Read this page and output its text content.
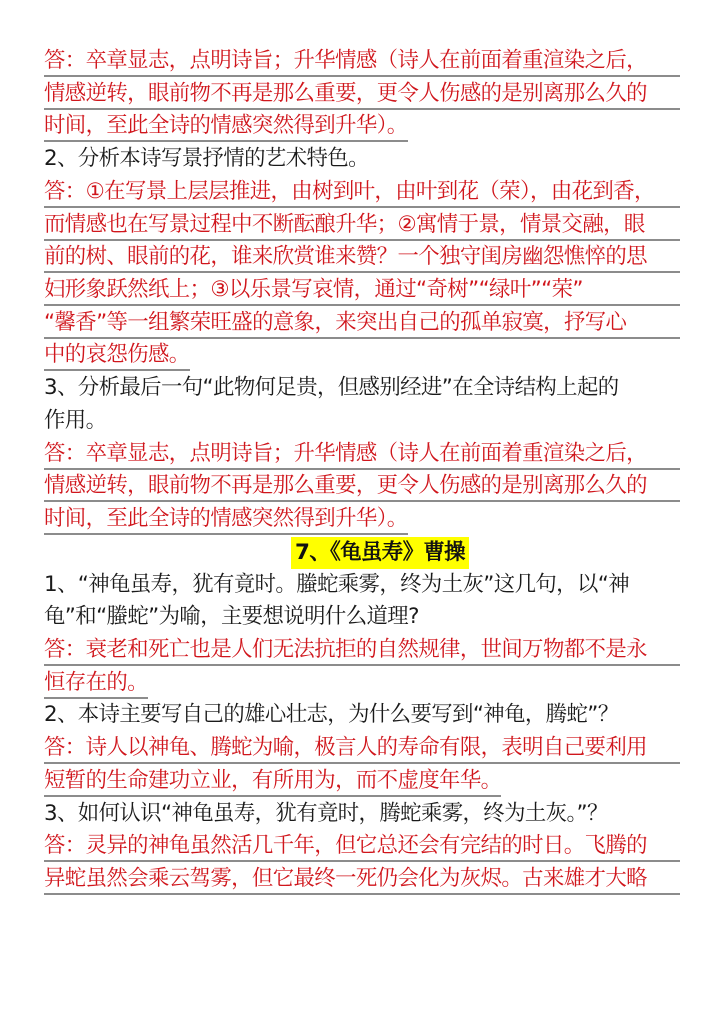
答：卒章显志，点明诗旨；升华情感（诗人在前面着重渲染之后，
情感逆转，眼前物不再是那么重要，更令人伤感的是别离那么久的
时间，至此全诗的情感突然得到升华）。
2、分析本诗写景抒情的艺术特色。
答：①在写景上层层推进，由树到叶，由叶到花（荣），由花到香，
而情感也在写景过程中不断酝酿升华；②寓情于景，情景交融，眼
前的树、眼前的花，谁来欣赏谁来赞？一个独守闺房幽怨憔悴的思
妇形象跃然纸上；③以乐景写哀情，通过“奇树”“绿叶”“荣”
“馨香”等一组繁荣旺盛的意象，来突出自己的孤单寂寞，抒写心
中的哀怨伤感。
3、分析最后一句“此物何足贵，但感别经进”在全诗结构上起的
作用。
答：卒章显志，点明诗旨；升华情感（诗人在前面着重渲染之后，
情感逆转，眼前物不再是那么重要，更令人伤感的是别离那么久的
时间，至此全诗的情感突然得到升华）。
7、《龟虽寿》曹操
1、“神龟虽寿，犹有竟时。螣蛇乘雾，终为土灰”这几句，以“神
龟”和“螣蛇”为喻，主要想说明什么道理?
答：衰老和死亡也是人们无法抗拒的自然规律，世间万物都不是永
恒存在的。
2、本诗主要写自己的雄心壮志，为什么要写到“神龟，腾蛇”？
答：诗人以神龟、腾蛇为喻，极言人的寿命有限，表明自己要利用
短暂的生命建功立业，有所用为，而不虚度年华。
3、如何认识“神龟虽寿，犹有竟时，腾蛇乘雾，终为土灰。”？
答：灵异的神龟虽然活几千年，但它总还会有完结的时日。飞腾的
异蛇虽然会乘云驾雾，但它最终一死仍会化为灰烬。古来雄才大略
